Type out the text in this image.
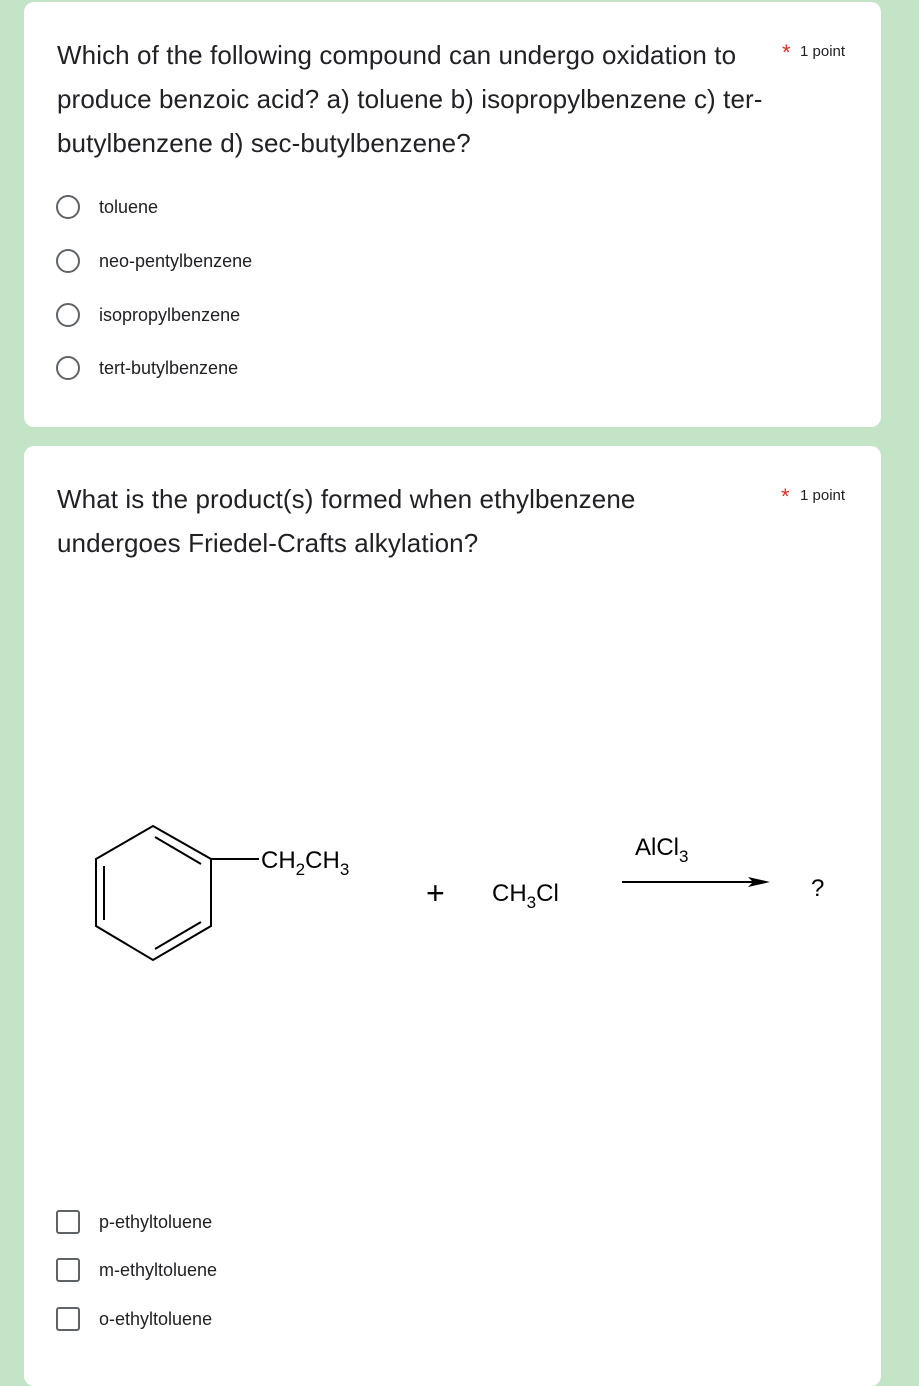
Which of the following compound can undergo oxidation to produce benzoic acid? a) toluene b) isopropylbenzene c) ter-butylbenzene d) sec-butylbenzene?
* 1 point
toluene
neo-pentylbenzene
isopropylbenzene
tert-butylbenzene
What is the product(s) formed when ethylbenzene undergoes Friedel-Crafts alkylation?
* 1 point
$CH_2CH_3$
+ $CH_3Cl$
AlCl$_3$
?
p-ethyltoluene
m-ethyltoluene
o-ethyltoluene
